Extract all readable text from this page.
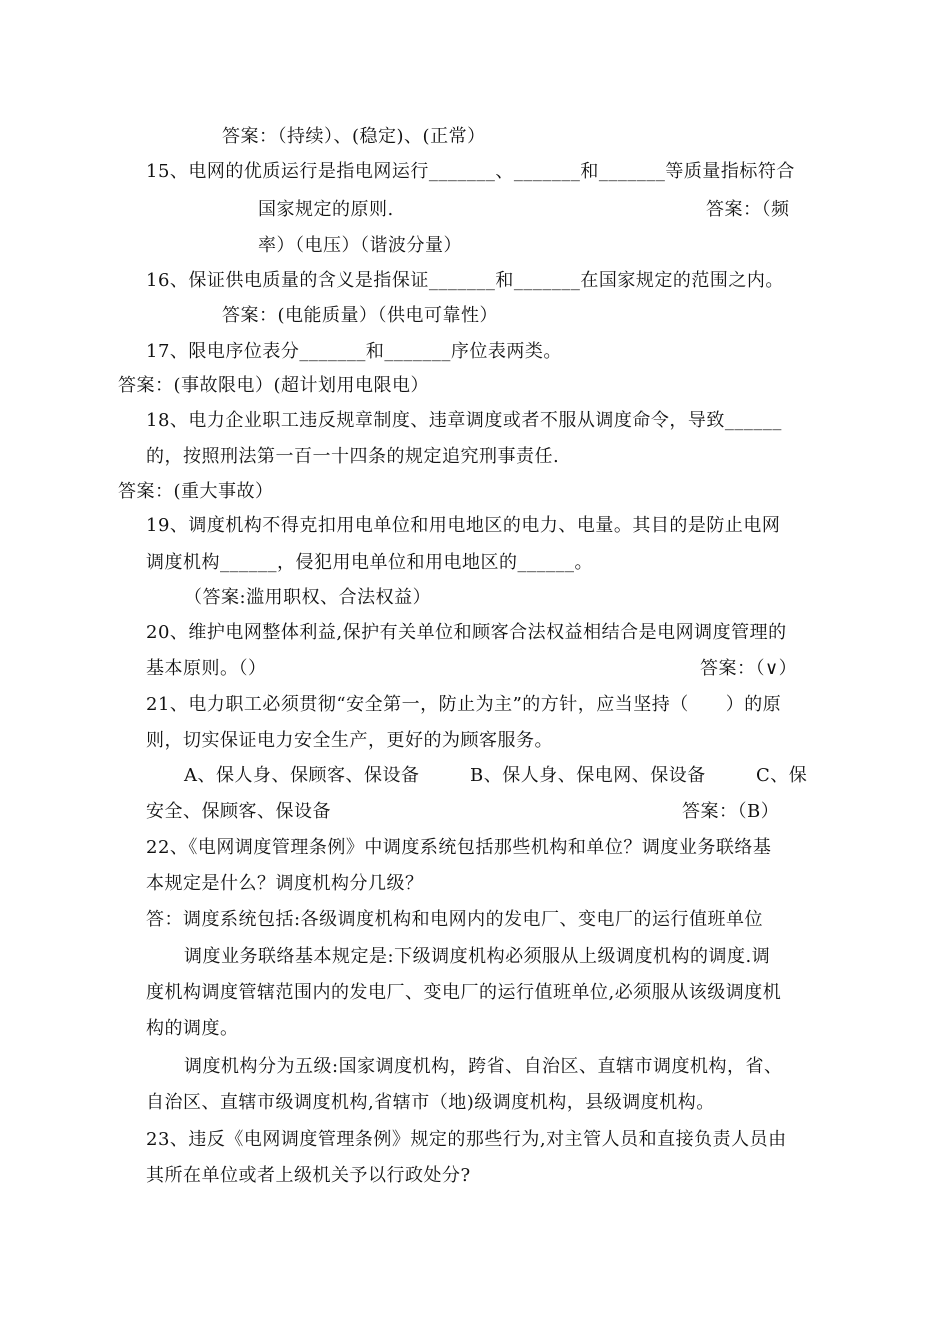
答案：（持续）、(稳定)、(正常）
15、电网的优质运行是指电网运行_______、_______和_______等质量指标符合
国家规定的原则.	答案：（频
率）（电压）（谐波分量）
16、保证供电质量的含义是指保证_______和_______在国家规定的范围之内。
答案：(电能质量）（供电可靠性）
17、限电序位表分_______和_______序位表两类。
答案：(事故限电）(超计划用电限电）
18、电力企业职工违反规章制度、违章调度或者不服从调度命令，导致______
的，按照刑法第一百一十四条的规定追究刑事责任.
答案：(重大事故）
19、调度机构不得克扣用电单位和用电地区的电力、电量。其目的是防止电网
调度机构______，侵犯用电单位和用电地区的______。
（答案:滥用职权、合法权益）
20、维护电网整体利益,保护有关单位和顾客合法权益相结合是电网调度管理的
基本原则。（）	答案：（∨）
21、电力职工必须贯彻“安全第一，防止为主”的方针，应当坚持（　　）的原
则，切实保证电力安全生产，更好的为顾客服务。
A、保人身、保顾客、保设备	B、保人身、保电网、保设备	C、保
安全、保顾客、保设备	答案：（B）
22、《电网调度管理条例》中调度系统包括那些机构和单位？调度业务联络基
本规定是什么？调度机构分几级？
答：调度系统包括:各级调度机构和电网内的发电厂、变电厂的运行值班单位
调度业务联络基本规定是:下级调度机构必须服从上级调度机构的调度.调
度机构调度管辖范围内的发电厂、变电厂的运行值班单位,必须服从该级调度机
构的调度。
调度机构分为五级:国家调度机构，跨省、自治区、直辖市调度机构，省、
自治区、直辖市级调度机构,省辖市（地)级调度机构，县级调度机构。
23、违反《电网调度管理条例》规定的那些行为,对主管人员和直接负责人员由
其所在单位或者上级机关予以行政处分?
